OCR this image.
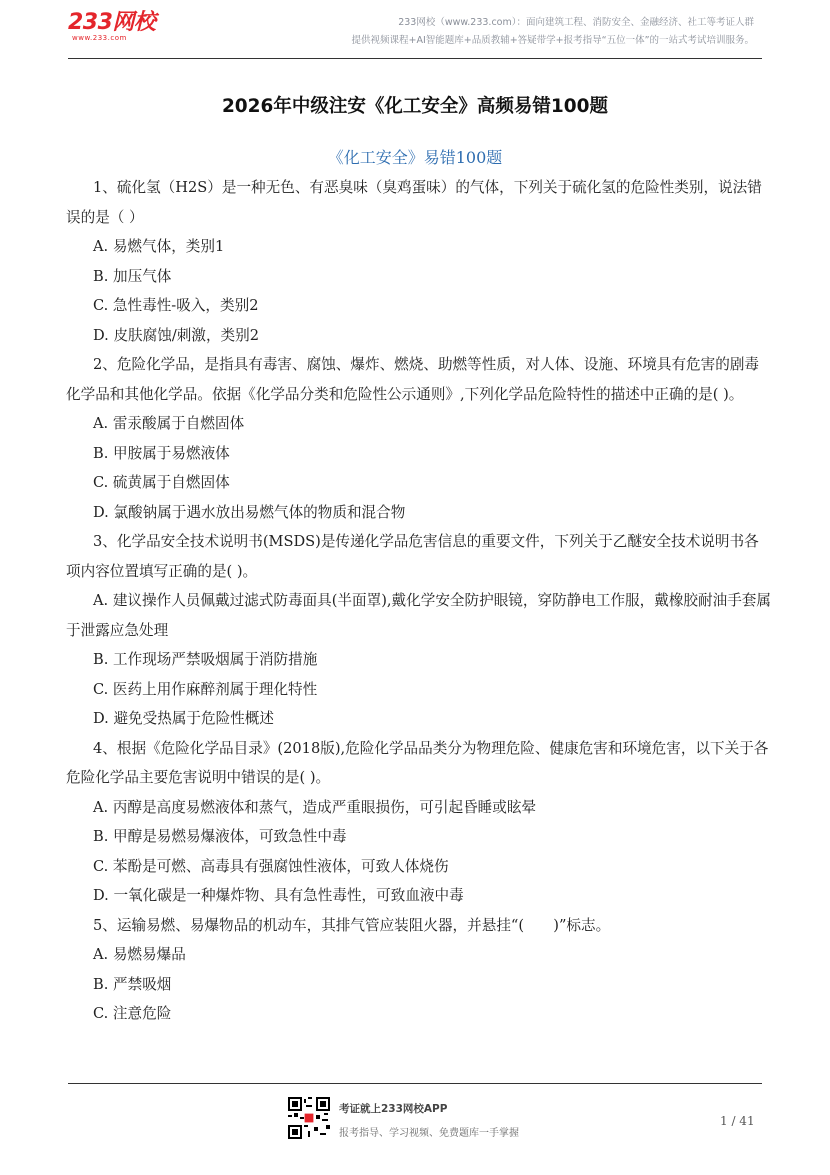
233网校
www.233.com
233网校（www.233.com）：面向建筑工程、消防安全、金融经济、社工等考证人群
提供视频课程+AI智能题库+品质教辅+答疑带学+报考指导“五位一体”的一站式考试培训服务。
2026年中级注安《化工安全》高频易错100题
《化工安全》易错100题

1、硫化氢（H2S）是一种无色、有恶臭味（臭鸡蛋味）的气体，下列关于硫化氢的危险性类别，说法错误的是（ ）

A. 易燃气体，类别1

B. 加压气体

C. 急性毒性-吸入，类别2

D. 皮肤腐蚀/刺激，类别2

2、危险化学品，是指具有毒害、腐蚀、爆炸、燃烧、助燃等性质，对人体、设施、环境具有危害的剧毒化学品和其他化学品。依据《化学品分类和危险性公示通则》,下列化学品危险特性的描述中正确的是( )。

A. 雷汞酸属于自燃固体

B. 甲胺属于易燃液体

C. 硫黄属于自燃固体

D. 氯酸钠属于遇水放出易燃气体的物质和混合物

3、化学品安全技术说明书(MSDS)是传递化学品危害信息的重要文件，下列关于乙醚安全技术说明书各项内容位置填写正确的是( )。

A. 建议操作人员佩戴过滤式防毒面具(半面罩),戴化学安全防护眼镜，穿防静电工作服，戴橡胶耐油手套属于泄露应急处理

B. 工作现场严禁吸烟属于消防措施

C. 医药上用作麻醉剂属于理化特性

D. 避免受热属于危险性概述

4、根据《危险化学品目录》(2018版),危险化学品品类分为物理危险、健康危害和环境危害，以下关于各危险化学品主要危害说明中错误的是( )。

A. 丙醇是高度易燃液体和蒸气，造成严重眼损伤，可引起昏睡或眩晕

B. 甲醇是易燃易爆液体，可致急性中毒

C. 苯酚是可燃、高毒具有强腐蚀性液体，可致人体烧伤

D. 一氧化碳是一种爆炸物、具有急性毒性，可致血液中毒

5、运输易燃、易爆物品的机动车，其排气管应装阻火器，并悬挂“(　　)”标志。

A. 易燃易爆品

B. 严禁吸烟

C. 注意危险

考证就上233网校APP
报考指导、学习视频、免费题库一手掌握
1 / 41
